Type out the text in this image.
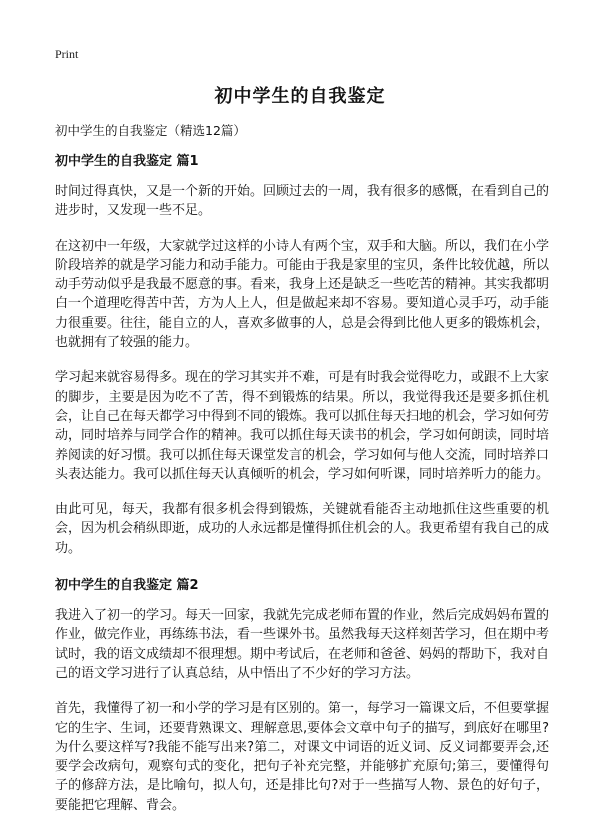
Print
初中学生的自我鉴定
初中学生的自我鉴定（精选12篇）
初中学生的自我鉴定 篇1

时间过得真快，又是一个新的开始。回顾过去的一周，我有很多的感慨，在看到自己的进步时，又发现一些不足。

在这初中一年级，大家就学过这样的小诗人有两个宝，双手和大脑。所以，我们在小学阶段培养的就是学习能力和动手能力。可能由于我是家里的宝贝，条件比较优越，所以动手劳动似乎是我最不愿意的事。看来，我身上还是缺乏一些吃苦的精神。其实我都明白一个道理吃得苦中苦，方为人上人，但是做起来却不容易。要知道心灵手巧，动手能力很重要。往往，能自立的人，喜欢多做事的人，总是会得到比他人更多的锻炼机会，也就拥有了较强的能力。

学习起来就容易得多。现在的学习其实并不难，可是有时我会觉得吃力，或跟不上大家的脚步，主要是因为吃不了苦，得不到锻炼的结果。所以，我觉得我还是要多抓住机会，让自己在每天都学习中得到不同的锻炼。我可以抓住每天扫地的机会，学习如何劳动，同时培养与同学合作的精神。我可以抓住每天读书的机会，学习如何朗读，同时培养阅读的好习惯。我可以抓住每天课堂发言的机会，学习如何与他人交流，同时培养口头表达能力。我可以抓住每天认真倾听的机会，学习如何听课，同时培养听力的能力。

由此可见，每天，我都有很多机会得到锻炼，关键就看能否主动地抓住这些重要的机会，因为机会稍纵即逝，成功的人永远都是懂得抓住机会的人。我更希望有我自己的成功。

初中学生的自我鉴定 篇2

我进入了初一的学习。每天一回家，我就先完成老师布置的作业，然后完成妈妈布置的作业，做完作业，再练练书法，看一些课外书。虽然我每天这样刻苦学习，但在期中考试时，我的语文成绩却不很理想。期中考试后，在老师和爸爸、妈妈的帮助下，我对自己的语文学习进行了认真总结，从中悟出了不少好的学习方法。

首先，我懂得了初一和小学的学习是有区别的。第一，每学习一篇课文后，不但要掌握它的生字、生词，还要背熟课文、理解意思,要体会文章中句子的描写，到底好在哪里?为什么要这样写?我能不能写出来?第二，对课文中词语的近义词、反义词都要弄会,还要学会改病句，观察句式的变化，把句子补充完整，并能够扩充原句;第三，要懂得句子的修辞方法，是比喻句，拟人句，还是排比句?对于一些描写人物、景色的好句子，要能把它理解、背会。
